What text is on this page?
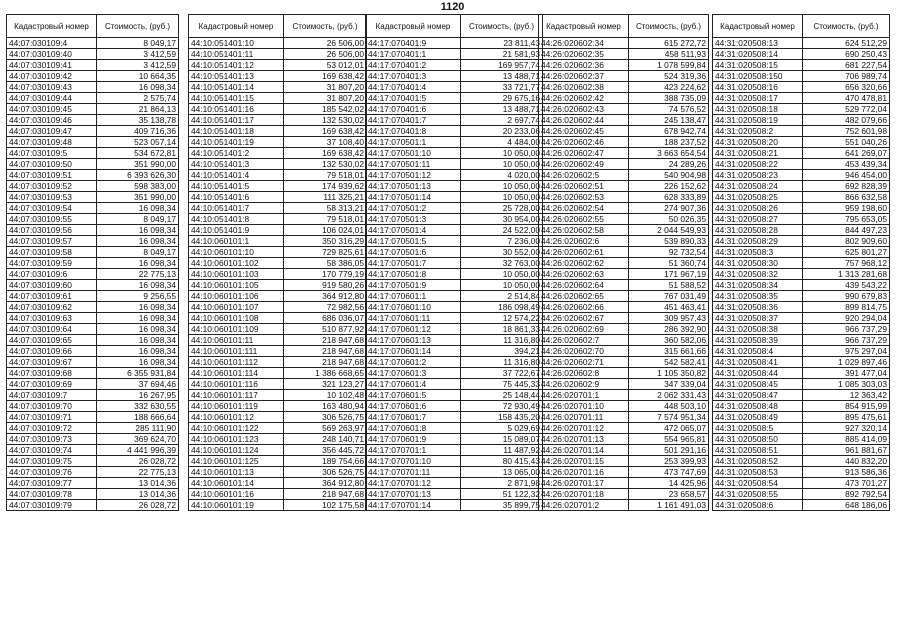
1120
Кадастровый номер	Стоимость, (руб.)
44:07:030109:4	8 049,17
44:07:030109:40	3 412,59
44:07:030109:41	3 412,59
44:07:030109:42	10 664,35
44:07:030109:43	16 098,34
44:07:030109:44	2 575,74
44:07:030109:45	21 864,13
44:07:030109:46	35 138,78
44:07:030109:47	409 716,36
44:07:030109:48	523 057,14
44:07:030109:5	534 672,81
44:07:030109:50	351 990,00
44:07:030109:51	6 393 626,30
44:07:030109:52	598 383,00
44:07:030109:53	351 990,00
44:07:030109:54	16 098,34
44:07:030109:55	8 049,17
44:07:030109:56	16 098,34
44:07:030109:57	16 098,34
44:07:030109:58	8 049,17
44:07:030109:59	16 098,34
44:07:030109:6	22 775,13
44:07:030109:60	16 098,34
44:07:030109:61	9 256,55
44:07:030109:62	16 098,34
44:07:030109:63	16 098,34
44:07:030109:64	16 098,34
44:07:030109:65	16 098,34
44:07:030109:66	16 098,34
44:07:030109:67	16 098,34
44:07:030109:68	6 355 931,84
44:07:030109:69	37 694,46
44:07:030109:7	16 267,95
44:07:030109:70	332 630,55
44:07:030109:71	188 666,64
44:07:030109:72	285 111,90
44:07:030109:73	369 624,70
44:07:030109:74	4 441 996,39
44:07:030109:75	26 028,72
44:07:030109:76	22 775,13
44:07:030109:77	13 014,36
44:07:030109:78	13 014,36
44:07:030109:79	26 028,72
Кадастровый номер	Стоимость, (руб.)
44:10:051401:10	26 506,00
44:10:051401:11	26 506,00
44:10:051401:12	53 012,01
44:10:051401:13	169 638,42
44:10:051401:14	31 807,20
44:10:051401:15	31 807,20
44:10:051401:16	185 542,02
44:10:051401:17	132 530,02
44:10:051401:18	169 638,42
44:10:051401:19	37 108,40
44:10:051401:2	169 638,42
44:10:051401:3	132 530,02
44:10:051401:4	79 518,01
44:10:051401:5	174 939,62
44:10:051401:6	111 325,21
44:10:051401:7	58 313,21
44:10:051401:8	79 518,01
44:10:051401:9	106 024,01
44:10:060101:1	350 316,29
44:10:060101:10	729 825,61
44:10:060101:102	58 386,05
44:10:060101:103	170 779,19
44:10:060101:105	919 580,26
44:10:060101:106	364 912,80
44:10:060101:107	72 982,56
44:10:060101:108	686 036,07
44:10:060101:109	510 877,92
44:10:060101:11	218 947,68
44:10:060101:111	218 947,68
44:10:060101:112	218 947,68
44:10:060101:114	1 386 668,65
44:10:060101:116	321 123,27
44:10:060101:117	10 102,48
44:10:060101:119	163 480,94
44:10:060101:12	306 526,75
44:10:060101:122	569 263,97
44:10:060101:123	248 140,71
44:10:060101:124	356 445,72
44:10:060101:125	189 754,66
44:10:060101:13	306 526,75
44:10:060101:14	364 912,80
44:10:060101:16	218 947,68
44:10:060101:19	102 175,58
Кадастровый номер	Стоимость, (руб.)
44:17:070401:9	23 811,43
44:17:070401:1	21 581,93
44:17:070401:2	169 957,74
44:17:070401:3	13 488,71
44:17:070401:4	33 721,77
44:17:070401:5	29 675,16
44:17:070401:6	13 488,71
44:17:070401:7	2 697,74
44:17:070401:8	20 233,06
44:17:070501:1	4 484,00
44:17:070501:10	10 050,00
44:17:070501:11	10 050,00
44:17:070501:12	4 020,00
44:17:070501:13	10 050,00
44:17:070501:14	10 050,00
44:17:070501:2	25 728,00
44:17:070501:3	30 954,00
44:17:070501:4	24 522,00
44:17:070501:5	7 236,00
44:17:070501:6	30 552,00
44:17:070501:7	32 763,00
44:17:070501:8	10 050,00
44:17:070501:9	10 050,00
44:17:070601:1	2 514,84
44:17:070601:10	186 098,49
44:17:070601:11	12 574,22
44:17:070601:12	18 861,33
44:17:070601:13	11 316,80
44:17:070601:14	394,21
44:17:070601:2	11 316,80
44:17:070601:3	37 722,67
44:17:070601:4	75 445,33
44:17:070601:5	25 148,44
44:17:070601:6	72 930,49
44:17:070601:7	158 435,20
44:17:070601:8	5 029,69
44:17:070601:9	15 089,07
44:17:070701:1	11 487,92
44:17:070701:10	80 415,43
44:17:070701:11	13 065,00
44:17:070701:12	2 871,98
44:17:070701:13	51 122,32
44:17:070701:14	35 899,75
Кадастровый номер	Стоимость, (руб.)
44:26:020602:34	615 272,72
44:26:020602:35	458 511,93
44:26:020602:36	1 078 599,84
44:26:020602:37	524 319,36
44:26:020602:38	423 224,62
44:26:020602:42	388 735,09
44:26:020602:43	74 576,52
44:26:020602:44	245 138,47
44:26:020602:45	678 942,74
44:26:020602:46	188 237,52
44:26:020602:47	3 663 654,54
44:26:020602:49	24 289,26
44:26:020602:5	540 904,98
44:26:020602:51	226 152,62
44:26:020602:53	628 333,89
44:26:020602:54	274 907,36
44:26:020602:55	50 026,35
44:26:020602:58	2 044 549,93
44:26:020602:6	539 890,33
44:26:020602:61	92 732,54
44:26:020602:62	51 360,74
44:26:020602:63	171 967,19
44:26:020602:64	51 588,52
44:26:020602:65	767 031,49
44:26:020602:66	451 463,41
44:26:020602:67	309 957,43
44:26:020602:69	286 392,90
44:26:020602:7	360 582,06
44:26:020602:70	315 661,66
44:26:020602:71	542 582,41
44:26:020602:8	1 105 350,82
44:26:020602:9	347 339,04
44:26:020701:1	2 062 331,43
44:26:020701:10	448 503,10
44:26:020701:11	7 574 951,34
44:26:020701:12	472 065,07
44:26:020701:13	554 965,81
44:26:020701:14	501 291,16
44:26:020701:15	253 399,93
44:26:020701:16	473 747,69
44:26:020701:17	14 425,96
44:26:020701:18	23 658,57
44:26:020701:2	1 161 491,03
Кадастровый номер	Стоимость, (руб.)
44:31:020508:13	624 512,29
44:31:020508:14	690 250,43
44:31:020508:15	681 227,54
44:31:020508:150	706 989,74
44:31:020508:16	656 320,66
44:31:020508:17	470 478,81
44:31:020508:18	529 772,04
44:31:020508:19	482 079,66
44:31:020508:2	752 601,98
44:31:020508:20	551 040,26
44:31:020508:21	641 269,07
44:31:020508:22	453 439,34
44:31:020508:23	946 454,00
44:31:020508:24	692 828,39
44:31:020508:25	866 632,58
44:31:020508:26	959 198,60
44:31:020508:27	795 653,05
44:31:020508:28	844 497,23
44:31:020508:29	802 909,60
44:31:020508:3	625 801,27
44:31:020508:30	757 968,12
44:31:020508:32	1 313 281,68
44:31:020508:34	439 543,22
44:31:020508:35	990 679,83
44:31:020508:36	899 814,75
44:31:020508:37	920 294,04
44:31:020508:38	966 737,29
44:31:020508:39	966 737,29
44:31:020508:4	975 297,04
44:31:020508:41	1 029 897,46
44:31:020508:44	391 477,04
44:31:020508:45	1 085 303,03
44:31:020508:47	12 363,42
44:31:020508:48	854 915,99
44:31:020508:49	895 475,61
44:31:020508:5	927 320,14
44:31:020508:50	885 414,09
44:31:020508:51	961 881,67
44:31:020508:52	440 832,20
44:31:020508:53	913 586,36
44:31:020508:54	473 701,27
44:31:020508:55	892 792,54
44:31:020508:6	648 186,06
